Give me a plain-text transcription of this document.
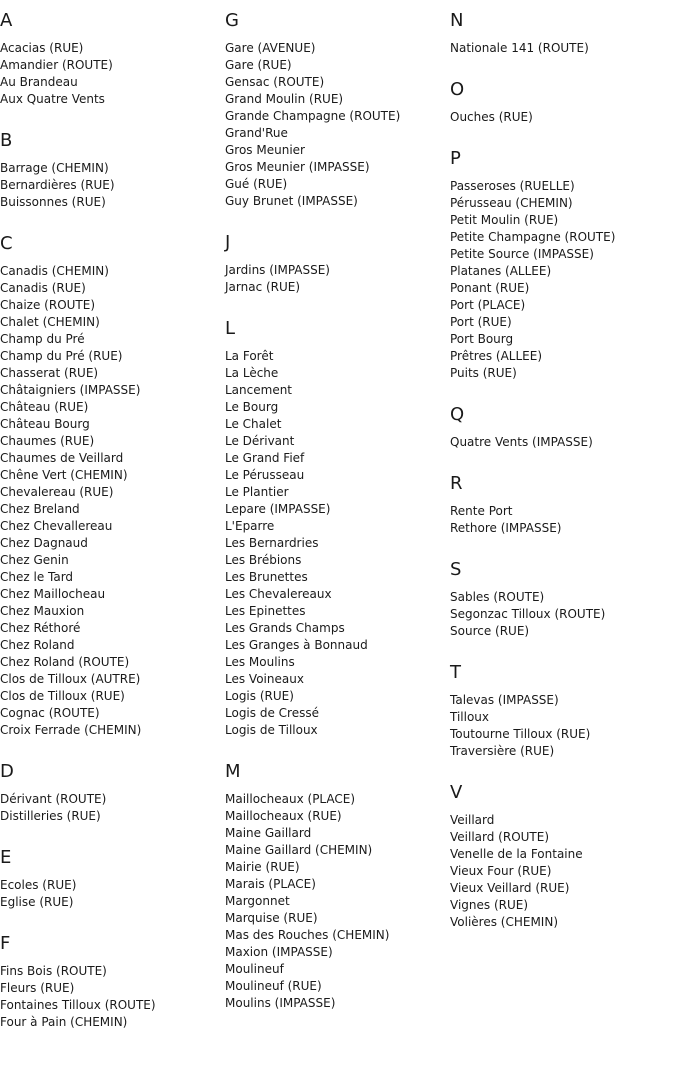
A
Acacias (RUE)
Amandier (ROUTE)
Au Brandeau
Aux Quatre Vents
B
Barrage (CHEMIN)
Bernardières (RUE)
Buissonnes (RUE)
C
Canadis (CHEMIN)
Canadis (RUE)
Chaize (ROUTE)
Chalet (CHEMIN)
Champ du Pré
Champ du Pré (RUE)
Chasserat (RUE)
Châtaigniers (IMPASSE)
Château (RUE)
Château Bourg
Chaumes (RUE)
Chaumes de Veillard
Chêne Vert (CHEMIN)
Chevalereau (RUE)
Chez Breland
Chez Chevallereau
Chez Dagnaud
Chez Genin
Chez le Tard
Chez Maillocheau
Chez Mauxion
Chez Réthoré
Chez Roland
Chez Roland (ROUTE)
Clos de Tilloux (AUTRE)
Clos de Tilloux (RUE)
Cognac (ROUTE)
Croix Ferrade (CHEMIN)
D
Dérivant (ROUTE)
Distilleries (RUE)
E
Ecoles (RUE)
Eglise (RUE)
F
Fins Bois (ROUTE)
Fleurs (RUE)
Fontaines Tilloux (ROUTE)
Four à Pain (CHEMIN)
G
Gare (AVENUE)
Gare (RUE)
Gensac (ROUTE)
Grand Moulin (RUE)
Grande Champagne (ROUTE)
Grand'Rue
Gros Meunier
Gros Meunier (IMPASSE)
Gué (RUE)
Guy Brunet (IMPASSE)
J
Jardins (IMPASSE)
Jarnac (RUE)
L
La Forêt
La Lèche
Lancement
Le Bourg
Le Chalet
Le Dérivant
Le Grand Fief
Le Pérusseau
Le Plantier
Lepare (IMPASSE)
L'Eparre
Les Bernardries
Les Brébions
Les Brunettes
Les Chevalereaux
Les Epinettes
Les Grands Champs
Les Granges à Bonnaud
Les Moulins
Les Voineaux
Logis (RUE)
Logis de Cressé
Logis de Tilloux
M
Maillocheaux (PLACE)
Maillocheaux (RUE)
Maine Gaillard
Maine Gaillard (CHEMIN)
Mairie (RUE)
Marais (PLACE)
Margonnet
Marquise (RUE)
Mas des Rouches (CHEMIN)
Maxion (IMPASSE)
Moulineuf
Moulineuf (RUE)
Moulins (IMPASSE)
N
Nationale 141 (ROUTE)
O
Ouches (RUE)
P
Passeroses (RUELLE)
Pérusseau (CHEMIN)
Petit Moulin (RUE)
Petite Champagne (ROUTE)
Petite Source (IMPASSE)
Platanes (ALLEE)
Ponant (RUE)
Port (PLACE)
Port (RUE)
Port Bourg
Prêtres (ALLEE)
Puits (RUE)
Q
Quatre Vents (IMPASSE)
R
Rente Port
Rethore (IMPASSE)
S
Sables (ROUTE)
Segonzac Tilloux (ROUTE)
Source (RUE)
T
Talevas (IMPASSE)
Tilloux
Toutourne Tilloux (RUE)
Traversière (RUE)
V
Veillard
Veillard (ROUTE)
Venelle de la Fontaine
Vieux Four (RUE)
Vieux Veillard (RUE)
Vignes (RUE)
Volières (CHEMIN)
